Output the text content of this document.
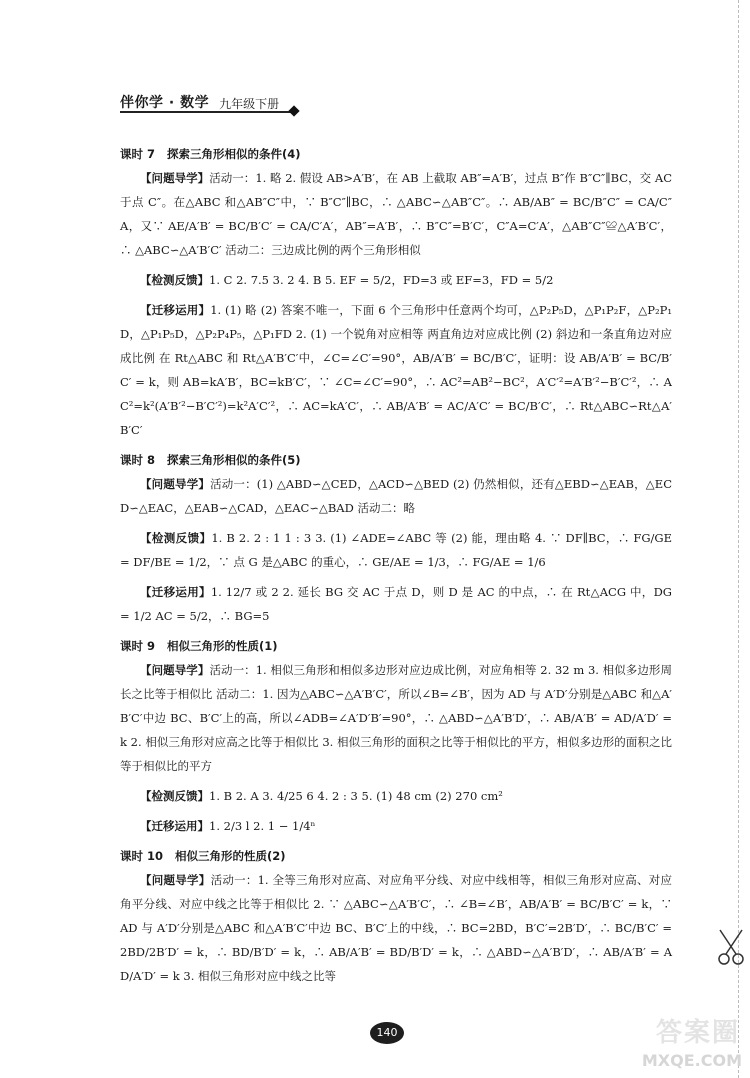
伴你学 · 数学 九年级下册
课时 7 探索三角形相似的条件(4)

【问题导学】活动一：1. 略 2. 假设 AB>A′B′，在 AB 上截取 AB″=A′B′，过点 B″作 B″C″∥BC，交 AC 于点 C″。在△ABC 和△AB″C″中，∵ B″C″∥BC，∴ △ABC∽△AB″C″。∴ AB/AB″ = BC/B″C″ = CA/C″A，又∵ AE/A′B′ = BC/B′C′ = CA/C′A′，AB″=A′B′，∴ B″C″=B′C′，C″A=C′A′，△AB″C″≌△A′B′C′，∴ △ABC∽△A′B′C′ 活动二：三边成比例的两个三角形相似

【检测反馈】1. C 2. 7.5 3. 2 4. B 5. EF = 5/2，FD=3 或 EF=3，FD = 5/2

【迁移运用】1. (1) 略 (2) 答案不唯一，下面 6 个三角形中任意两个均可，△P₂P₅D，△P₁P₂F，△P₂P₁D，△P₁P₅D，△P₂P₄P₅，△P₁FD 2. (1) 一个锐角对应相等 两直角边对应成比例 (2) 斜边和一条直角边对应成比例 在 Rt△ABC 和 Rt△A′B′C′中，∠C=∠C′=90°，AB/A′B′ = BC/B′C′，证明：设 AB/A′B′ = BC/B′C′ = k，则 AB=kA′B′，BC=kB′C′，∵ ∠C=∠C′=90°，∴ AC²=AB²−BC²，A′C′²=A′B′²−B′C′²，∴ AC²=k²(A′B′²−B′C′²)=k²A′C′²，∴ AC=kA′C′，∴ AB/A′B′ = AC/A′C′ = BC/B′C′，∴ Rt△ABC∽Rt△A′B′C′

课时 8 探索三角形相似的条件(5)

【问题导学】活动一：(1) △ABD∽△CED，△ACD∽△BED (2) 仍然相似，还有△EBD∽△EAB，△ECD∽△EAC，△EAB∽△CAD，△EAC∽△BAD 活动二：略

【检测反馈】1. B 2. 2 : 1 1 : 3 3. (1) ∠ADE=∠ABC 等 (2) 能，理由略 4. ∵ DF∥BC，∴ FG/GE = DF/BE = 1/2，∵ 点 G 是△ABC 的重心，∴ GE/AE = 1/3，∴ FG/AE = 1/6

【迁移运用】1. 12/7 或 2 2. 延长 BG 交 AC 于点 D，则 D 是 AC 的中点，∴ 在 Rt△ACG 中，DG = 1/2 AC = 5/2，∴ BG=5

课时 9 相似三角形的性质(1)

【问题导学】活动一：1. 相似三角形和相似多边形对应边成比例，对应角相等 2. 32 m 3. 相似多边形周长之比等于相似比 活动二：1. 因为△ABC∽△A′B′C′，所以∠B=∠B′，因为 AD 与 A′D′分别是△ABC 和△A′B′C′中边 BC、B′C′上的高，所以∠ADB=∠A′D′B′=90°，∴ △ABD∽△A′B′D′，∴ AB/A′B′ = AD/A′D′ = k 2. 相似三角形对应高之比等于相似比 3. 相似三角形的面积之比等于相似比的平方，相似多边形的面积之比等于相似比的平方

【检测反馈】1. B 2. A 3. 4/25 6 4. 2 : 3 5. (1) 48 cm (2) 270 cm²

【迁移运用】1. 2/3 l 2. 1 − 1/4ⁿ

课时 10 相似三角形的性质(2)

【问题导学】活动一：1. 全等三角形对应高、对应角平分线、对应中线相等，相似三角形对应高、对应角平分线、对应中线之比等于相似比 2. ∵ △ABC∽△A′B′C′，∴ ∠B=∠B′，AB/A′B′ = BC/B′C′ = k，∵ AD 与 A′D′分别是△ABC 和△A′B′C′中边 BC、B′C′上的中线，∴ BC=2BD，B′C′=2B′D′，∴ BC/B′C′ = 2BD/2B′D′ = k，∴ BD/B′D′ = k，∴ AB/A′B′ = BD/B′D′ = k，∴ △ABD∽△A′B′D′，∴ AB/A′B′ = AD/A′D′ = k 3. 相似三角形对应中线之比等

140	答案圈
MXQE.COM
